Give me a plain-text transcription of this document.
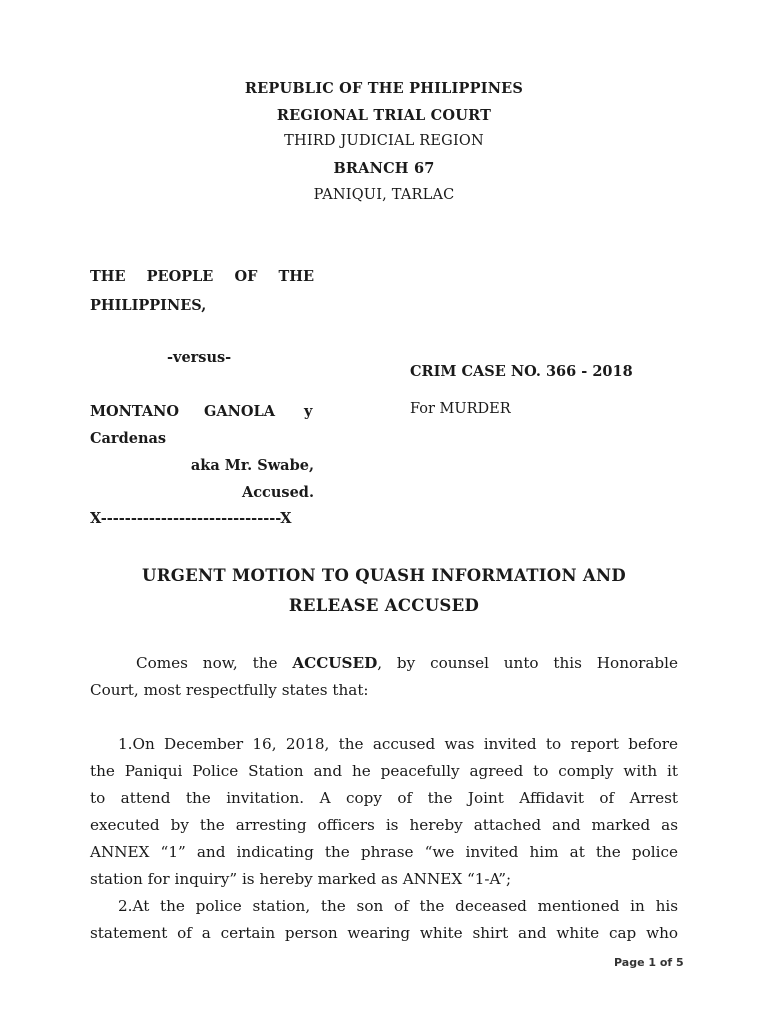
REPUBLIC OF THE PHILIPPINES
REGIONAL TRIAL COURT
THIRD JUDICIAL REGION
BRANCH 67
PANIQUI, TARLAC
THE PEOPLE OF THE
PHILIPPINES,
-versus-
MONTANO GANOLA y
Cardenas
aka Mr. Swabe,
Accused.
X------------------------------X
CRIM CASE NO. 366 - 2018
For MURDER
URGENT MOTION TO QUASH INFORMATION AND
RELEASE ACCUSED
Comes now, the ACCUSED, by counsel unto this Honorable
Court, most respectfully states that:
1.On December 16, 2018, the accused was invited to report before
the Paniqui Police Station and he peacefully agreed to comply with it
to attend the invitation. A copy of the Joint Affidavit of Arrest
executed by the arresting officers is hereby attached and marked as
ANNEX “1” and indicating the phrase “we invited him at the police
station for inquiry” is hereby marked as ANNEX “1-A”;
2.At the police station, the son of the deceased mentioned in his
statement of a certain person wearing white shirt and white cap who
Page 1 of 5
